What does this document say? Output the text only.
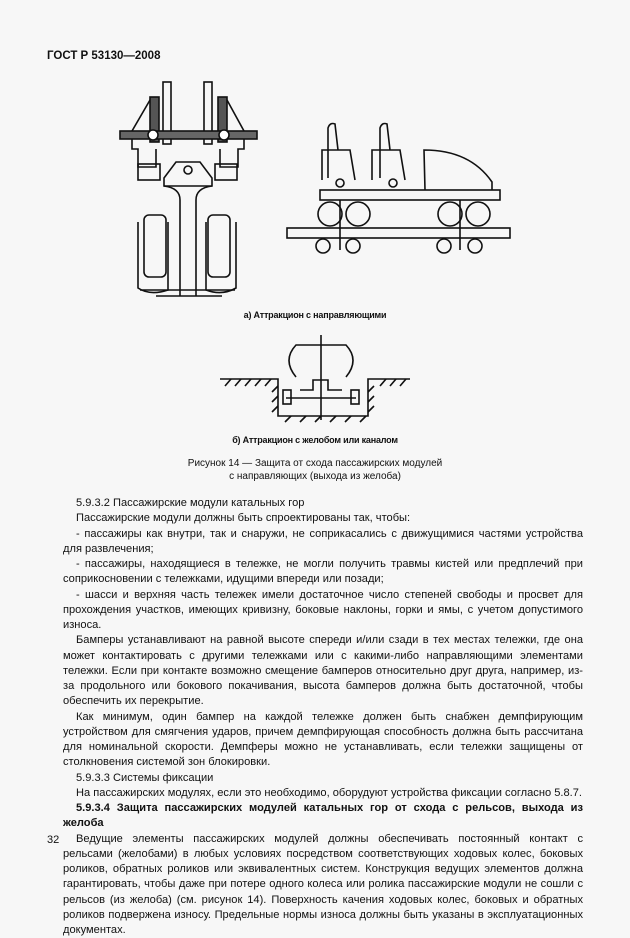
ГОСТ Р 53130—2008
а) Аттракцион с направляющими
б) Аттракцион с желобом или каналом
Рисунок 14 — Защита от схода пассажирских модулей
с направляющих (выхода из желоба)

5.9.3.2 Пассажирские модули катальных гор

Пассажирские модули должны быть спроектированы так, чтобы:

- пассажиры как внутри, так и снаружи, не соприкасались с движущимися частями устройства для развлечения;

- пассажиры, находящиеся в тележке, не могли получить травмы кистей или предплечий при соприкосновении с тележками, идущими впереди или позади;

- шасси и верхняя часть тележек имели достаточное число степеней свободы и просвет для прохождения участков, имеющих кривизну, боковые наклоны, горки и ямы, с учетом допустимого износа.

Бамперы устанавливают на равной высоте спереди и/или сзади в тех местах тележки, где она может контактировать с другими тележками или с какими-либо направляющими элементами тележки. Если при контакте возможно смещение бамперов относительно друг друга, например, из-за продольного или бокового покачивания, высота бамперов должна быть достаточной, чтобы обеспечить их перекрытие.

Как минимум, один бампер на каждой тележке должен быть снабжен демпфирующим устройством для смягчения ударов, причем демпфирующая способность должна быть рассчитана для номинальной скорости. Демпферы можно не устанавливать, если тележки защищены от столкновения системой зон блокировки.

5.9.3.3 Системы фиксации

На пассажирских модулях, если это необходимо, оборудуют устройства фиксации согласно 5.8.7.

5.9.3.4 Защита пассажирских модулей катальных гор от схода с рельсов, выхода из желоба

Ведущие элементы пассажирских модулей должны обеспечивать постоянный контакт с рельсами (желобами) в любых условиях посредством соответствующих ходовых колес, боковых роликов, обратных роликов или эквивалентных систем. Конструкция ведущих элементов должна гарантировать, чтобы даже при потере одного колеса или ролика пассажирские модули не сошли с рельсов (из желоба) (см. рисунок 14). Поверхность качения ходовых колес, боковых и обратных роликов подвержена износу. Предельные нормы износа должны быть указаны в эксплуатационных документах.

32
